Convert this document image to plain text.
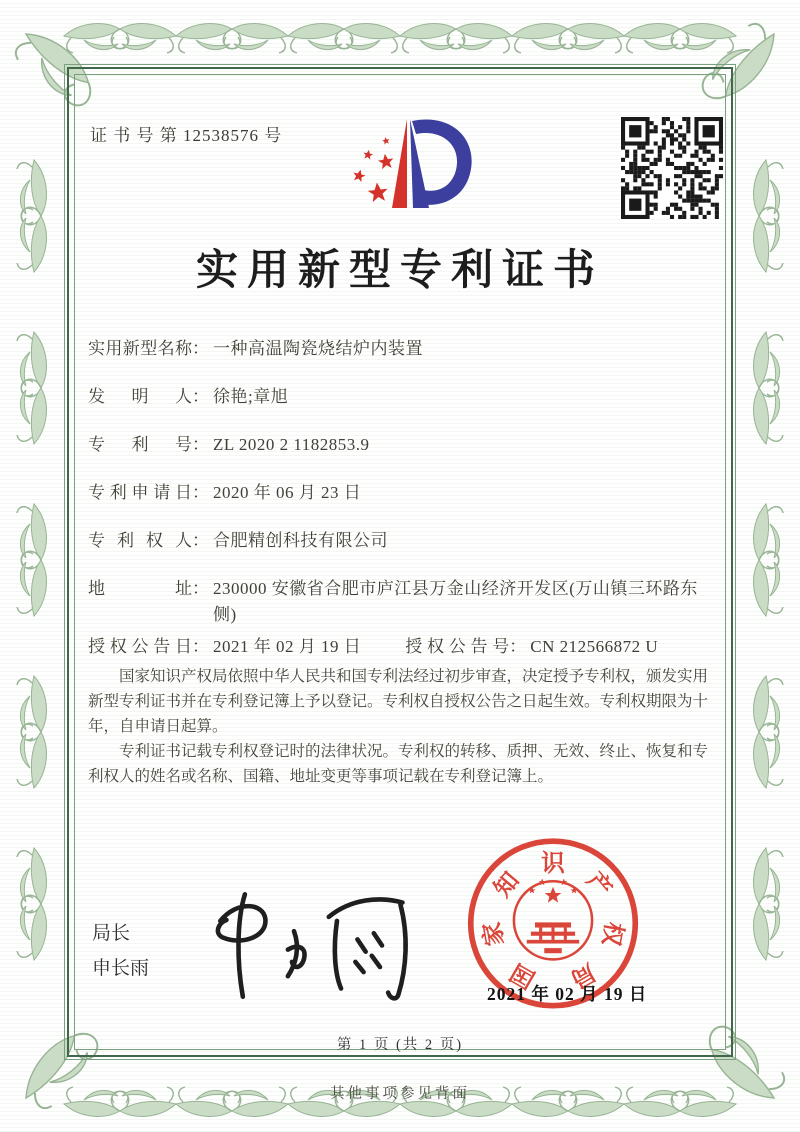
证 书 号 第 12538576 号
实用新型专利证书
实用新型名称 ： 一种高温陶瓷烧结炉内装置
发明人 ： 徐艳;章旭
专利号 ： ZL 2020 2 1182853.9
专利申请日 ： 2020 年 06 月 23 日
专利权人 ： 合肥精创科技有限公司
地址 ： 230000 安徽省合肥市庐江县万金山经济开发区(万山镇三环路东侧)
授权公告日 ： 2021 年 02 月 19 日	授权公告号 ： CN 212566872 U

国家知识产权局依照中华人民共和国专利法经过初步审查，决定授予专利权，颁发实用新型专利证书并在专利登记簿上予以登记。专利权自授权公告之日起生效。专利权期限为十年，自申请日起算。

专利证书记载专利权登记时的法律状况。专利权的转移、质押、无效、终止、恢复和专利权人的姓名或名称、国籍、地址变更等事项记载在专利登记簿上。

局长
申长雨	国
家
知
识
产
权
局
2021 年 02 月 19 日
第 1 页 (共 2 页)
其他事项参见背面
